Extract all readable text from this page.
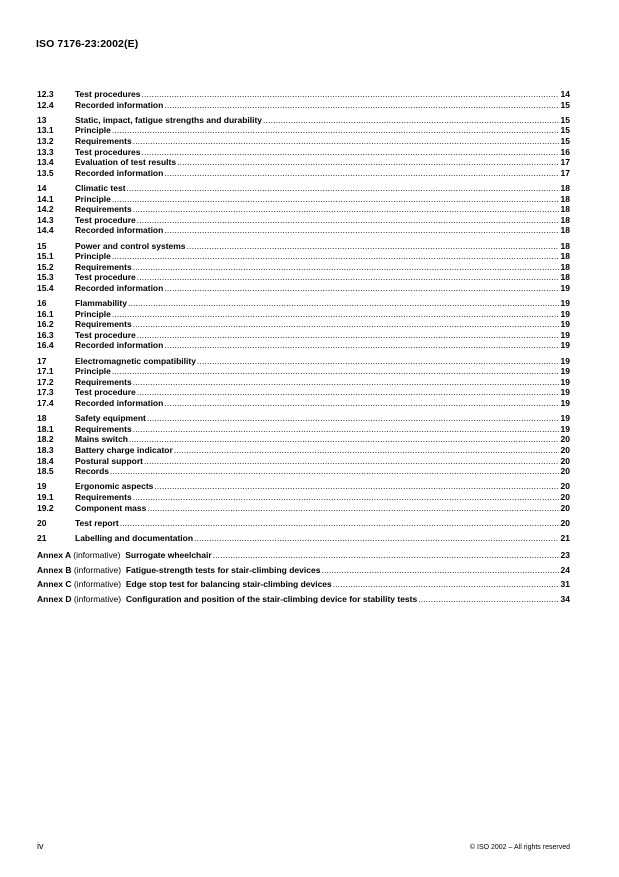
ISO 7176-23:2002(E)
12.3	Test procedures .....	14
12.4	Recorded information .....	15
13	Static, impact, fatigue strengths and durability .....	15
13.1	Principle .....	15
13.2	Requirements .....	15
13.3	Test procedures .....	16
13.4	Evaluation of test results .....	17
13.5	Recorded information .....	17
14	Climatic test .....	18
14.1	Principle .....	18
14.2	Requirements .....	18
14.3	Test procedure .....	18
14.4	Recorded information .....	18
15	Power and control systems .....	18
15.1	Principle .....	18
15.2	Requirements .....	18
15.3	Test procedure .....	18
15.4	Recorded information .....	19
16	Flammability .....	19
16.1	Principle .....	19
16.2	Requirements .....	19
16.3	Test procedure .....	19
16.4	Recorded information .....	19
17	Electromagnetic compatibility .....	19
17.1	Principle .....	19
17.2	Requirements .....	19
17.3	Test procedure .....	19
17.4	Recorded information .....	19
18	Safety equipment .....	19
18.1	Requirements .....	19
18.2	Mains switch .....	20
18.3	Battery charge indicator .....	20
18.4	Postural support .....	20
18.5	Records .....	20
19	Ergonomic aspects .....	20
19.1	Requirements .....	20
19.2	Component mass .....	20
20	Test report .....	20
21	Labelling and documentation .....	21
Annex A (informative) Surrogate wheelchair .....	23
Annex B (informative) Fatigue-strength tests for stair-climbing devices .....	24
Annex C (informative) Edge stop test for balancing stair-climbing devices .....	31
Annex D (informative) Configuration and position of the stair-climbing device for stability tests .....	34
iv	© ISO 2002 – All rights reserved
